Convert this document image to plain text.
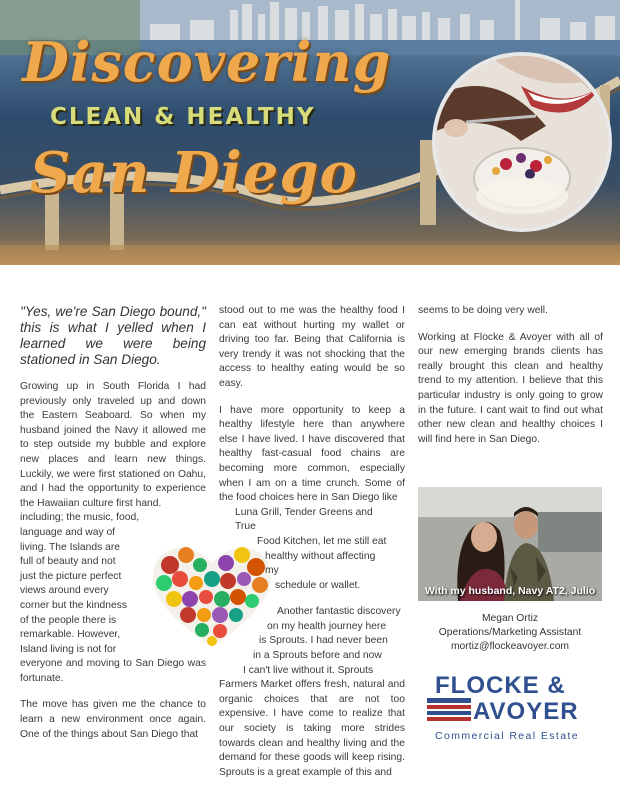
Discovering
CLEAN & HEALTHY
San Diego

"Yes, we're San Diego bound," this is what I yelled when I learned we were being stationed in San Diego.

Growing up in South Florida I had previously only traveled up and down the Eastern Seaboard. So when my husband joined the Navy it allowed me to step outside my bubble and explore new places and learn new things. Luckily, we were first stationed on Oahu, and I had the opportunity to experience the Hawaiian culture first hand.

including; the music, food,
language and way of
living. The Islands are
full of beauty and not
just the picture perfect
views around every
corner but the kindness
of the people there is
remarkable. However,
Island living is not for

everyone and moving to San Diego was fortunate.

The move has given me the chance to learn a new environment once again. One of the things about San Diego that

stood out to me was the healthy food I can eat without hurting my wallet or driving too far. Being that California is very trendy it was not shocking that the access to healthy eating would be so easy.

I have more opportunity to keep a healthy lifestyle here than anywhere else I have lived. I have discovered that healthy fast-casual food chains are becoming more common, especially when I am on a time crunch. Some of the food choices here in San Diego like

Luna Grill, Tender Greens and True
Food Kitchen, let me still eat
healthy without affecting my
schedule or wallet.
Another fantastic discovery
on my health journey here
is Sprouts. I had never been
in a Sprouts before and now
I can't live without it. Sprouts

Farmers Market offers fresh, natural and organic choices that are not too expensive. I have come to realize that our society is taking more strides towards clean and healthy living and the demand for these goods will keep rising. Sprouts is a great example of this and

seems to be doing very well.

Working at Flocke & Avoyer with all of our new emerging brands clients has really brought this clean and healthy trend to my attention. I believe that this particular industry is only going to grow in the future. I cant wait to find out what other new clean and healthy choices I will find here in San Diego.

With my husband, Navy AT2, Julio
Megan Ortiz
Operations/Marketing Assistant
mortiz@flockeavoyer.com
FLOCKE &
AVOYER
Commercial Real Estate
